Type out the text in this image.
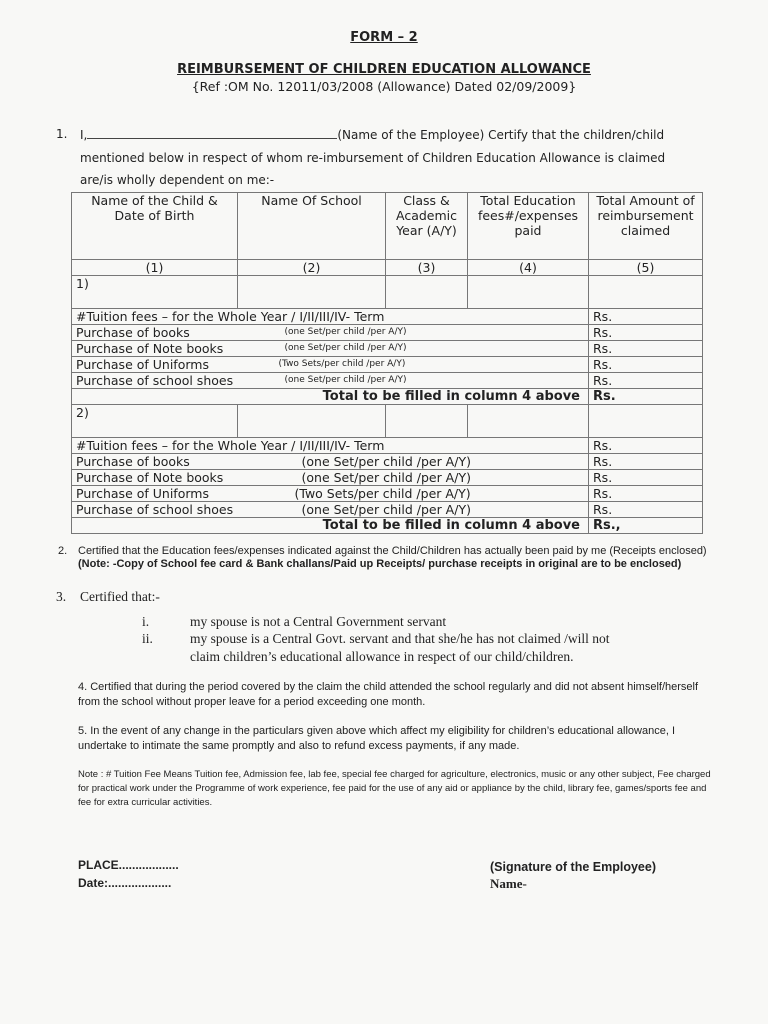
FORM – 2
REIMBURSEMENT OF CHILDREN EDUCATION ALLOWANCE
{Ref :OM No. 12011/03/2008 (Allowance) Dated 02/09/2009}
1. I,	(Name of the Employee) Certify that the children/child
mentioned below in respect of whom re-imbursement of Children Education Allowance is claimed
are/is wholly dependent on me:-
Name of the Child & Date of Birth	Name Of School	Class & Academic Year (A/Y)	Total Education fees#/expenses paid	Total Amount of reimbursement claimed
(1)	(2)	(3)	(4)	(5)
1)				
#Tuition fees – for the Whole Year / I/II/III/IV- Term				Rs.
Purchase of books		(one Set/per child /per A/Y)		Rs.
Purchase of Note books		(one Set/per child /per A/Y)		Rs.
Purchase of Uniforms		(Two Sets/per child /per A/Y)		Rs.
Purchase of school shoes		(one Set/per child /per A/Y)		Rs.
Total to be filled in column 4 above				Rs.
2)				
#Tuition fees – for the Whole Year / I/II/III/IV- Term				Rs.
Purchase of books		(one Set/per child /per A/Y)		Rs.
Purchase of Note books		(one Set/per child /per A/Y)		Rs.
Purchase of Uniforms		(Two Sets/per child /per A/Y)		Rs.
Purchase of school shoes		(one Set/per child /per A/Y)		Rs.
Total to be filled in column 4 above				Rs.,
2. Certified that the Education fees/expenses indicated against the Child/Children has actually been paid by me (Receipts enclosed) (Note: -Copy of School fee card & Bank challans/Paid up Receipts/ purchase receipts in original are to be enclosed)
3. Certified that:-
i.	my spouse is not a Central Government servant
ii.	my spouse is a Central Govt. servant and that she/he has not claimed /will not
claim children’s educational allowance in respect of our child/children.
4. Certified that during the period covered by the claim the child attended the school regularly and did not absent himself/herself from the school without proper leave for a period exceeding one month.
5. In the event of any change in the particulars given above which affect my eligibility for children’s educational allowance, I undertake to intimate the same promptly and also to refund excess payments, if any made.
Note : # Tuition Fee Means Tuition fee, Admission fee, lab fee, special fee charged for agriculture, electronics, music or any other subject, Fee charged for practical work under the Programme of work experience, fee paid for the use of any aid or appliance by the child, library fee, games/sports fee and fee for extra curricular activities.
PLACE..................
Date:...................
(Signature of the Employee)
Name-
